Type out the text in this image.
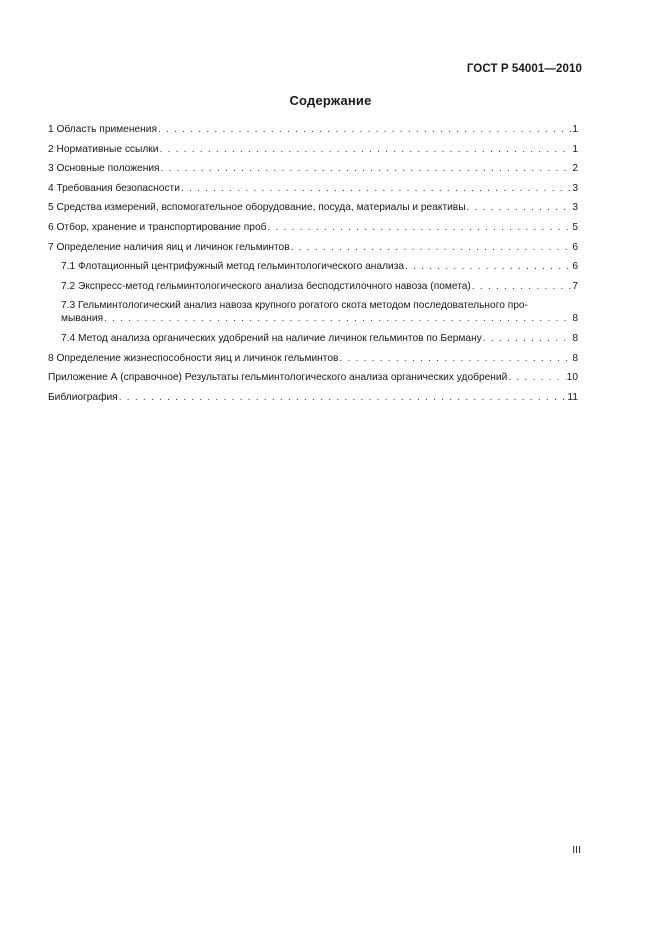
ГОСТ Р 54001—2010
Содержание
1 Область применения . . .	1
2 Нормативные ссылки . . .	1
3 Основные положения . . .	2
4 Требования безопасности . . .	3
5 Средства измерений, вспомогательное оборудование, посуда, материалы и реактивы . . .	3
6 Отбор, хранение и транспортирование проб . . .	5
7 Определение наличия яиц и личинок гельминтов . . .	6
7.1 Флотационный центрифужный метод гельминтологического анализа . . .	6
7.2 Экспресс-метод гельминтологического анализа бесподстилочного навоза (помета) . . .	7
7.3 Гельминтологический анализ навоза крупного рогатого скота методом последовательного про-
мывания . . .	8
7.4 Метод анализа органических удобрений на наличие личинок гельминтов по Берману . . .	8
8 Определение жизнеспособности яиц и личинок гельминтов . . .	8
Приложение А (справочное) Результаты гельминтологического анализа органических удобрений . . .	10
Библиография . . .	11
III
